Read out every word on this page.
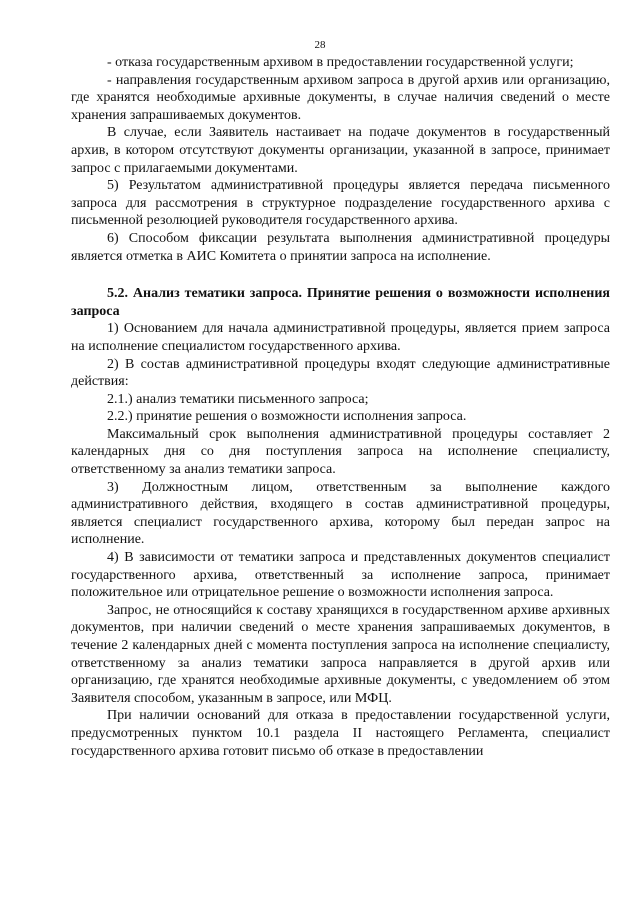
28

- отказа государственным архивом в предоставлении государственной услуги;

- направления государственным архивом запроса в другой архив или организацию, где хранятся необходимые архивные документы, в случае наличия сведений о месте хранения запрашиваемых документов.

В случае, если Заявитель настаивает на подаче документов в государственный архив, в котором отсутствуют документы организации, указанной в запросе, принимает запрос с прилагаемыми документами.

5) Результатом административной процедуры является передача письменного запроса для рассмотрения в структурное подразделение государственного архива с письменной резолюцией руководителя государственного архива.

6) Способом фиксации результата выполнения административной процедуры является отметка в АИС Комитета о принятии запроса на исполнение.

5.2. Анализ тематики запроса. Принятие решения о возможности исполнения запроса

1) Основанием для начала административной процедуры, является прием запроса на исполнение специалистом государственного архива.

2) В состав административной процедуры входят следующие административные действия:

2.1.) анализ тематики письменного запроса;

2.2.) принятие решения о возможности исполнения запроса.

Максимальный срок выполнения административной процедуры составляет 2 календарных дня со дня поступления запроса на исполнение специалисту, ответственному за анализ тематики запроса.

3) Должностным лицом, ответственным за выполнение каждого административного действия, входящего в состав административной процедуры, является специалист государственного архива, которому был передан запрос на исполнение.

4) В зависимости от тематики запроса и представленных документов специалист государственного архива, ответственный за исполнение запроса, принимает положительное или отрицательное решение о возможности исполнения запроса.

Запрос, не относящийся к составу хранящихся в государственном архиве архивных документов, при наличии сведений о месте хранения запрашиваемых документов, в течение 2 календарных дней с момента поступления запроса на исполнение специалисту, ответственному за анализ тематики запроса направляется в другой архив или организацию, где хранятся необходимые архивные документы, с уведомлением об этом Заявителя способом, указанным в запросе, или МФЦ.

При наличии оснований для отказа в предоставлении государственной услуги, предусмотренных пунктом 10.1 раздела II настоящего Регламента, специалист государственного архива готовит письмо об отказе в предоставлении
